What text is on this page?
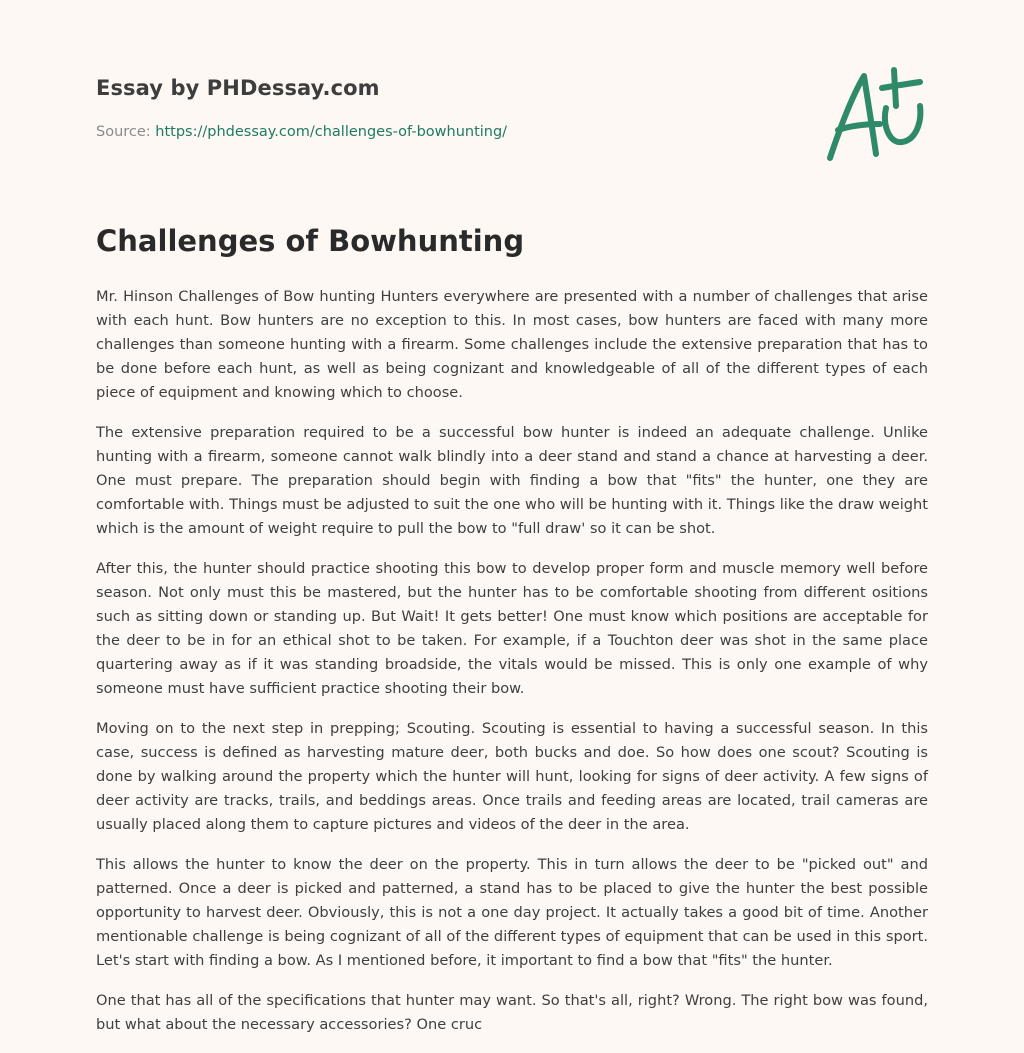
Essay by PHDessay.com
Source: https://phdessay.com/challenges-of-bowhunting/
Challenges of Bowhunting

Mr. Hinson Challenges of Bow hunting Hunters everywhere are presented with a number of challenges that arise with each hunt. Bow hunters are no exception to this. In most cases, bow hunters are faced with many more challenges than someone hunting with a firearm. Some challenges include the extensive preparation that has to be done before each hunt, as well as being cognizant and knowledgeable of all of the different types of each piece of equipment and knowing which to choose.

The extensive preparation required to be a successful bow hunter is indeed an adequate challenge. Unlike hunting with a firearm, someone cannot walk blindly into a deer stand and stand a chance at harvesting a deer. One must prepare. The preparation should begin with finding a bow that "fits" the hunter, one they are comfortable with. Things must be adjusted to suit the one who will be hunting with it. Things like the draw weight which is the amount of weight require to pull the bow to "full draw' so it can be shot.

After this, the hunter should practice shooting this bow to develop proper form and muscle memory well before season. Not only must this be mastered, but the hunter has to be comfortable shooting from different ositions such as sitting down or standing up. But Wait! It gets better! One must know which positions are acceptable for the deer to be in for an ethical shot to be taken. For example, if a Touchton deer was shot in the same place quartering away as if it was standing broadside, the vitals would be missed. This is only one example of why someone must have sufficient practice shooting their bow.

Moving on to the next step in prepping; Scouting. Scouting is essential to having a successful season. In this case, success is defined as harvesting mature deer, both bucks and doe. So how does one scout? Scouting is done by walking around the property which the hunter will hunt, looking for signs of deer activity. A few signs of deer activity are tracks, trails, and beddings areas. Once trails and feeding areas are located, trail cameras are usually placed along them to capture pictures and videos of the deer in the area.

This allows the hunter to know the deer on the property. This in turn allows the deer to be "picked out" and patterned. Once a deer is picked and patterned, a stand has to be placed to give the hunter the best possible opportunity to harvest deer. Obviously, this is not a one day project. It actually takes a good bit of time. Another mentionable challenge is being cognizant of all of the different types of equipment that can be used in this sport. Let's start with finding a bow. As I mentioned before, it important to find a bow that "fits" the hunter.

One that has all of the specifications that hunter may want. So that's all, right? Wrong. The right bow was found, but what about the necessary accessories? One cruc
